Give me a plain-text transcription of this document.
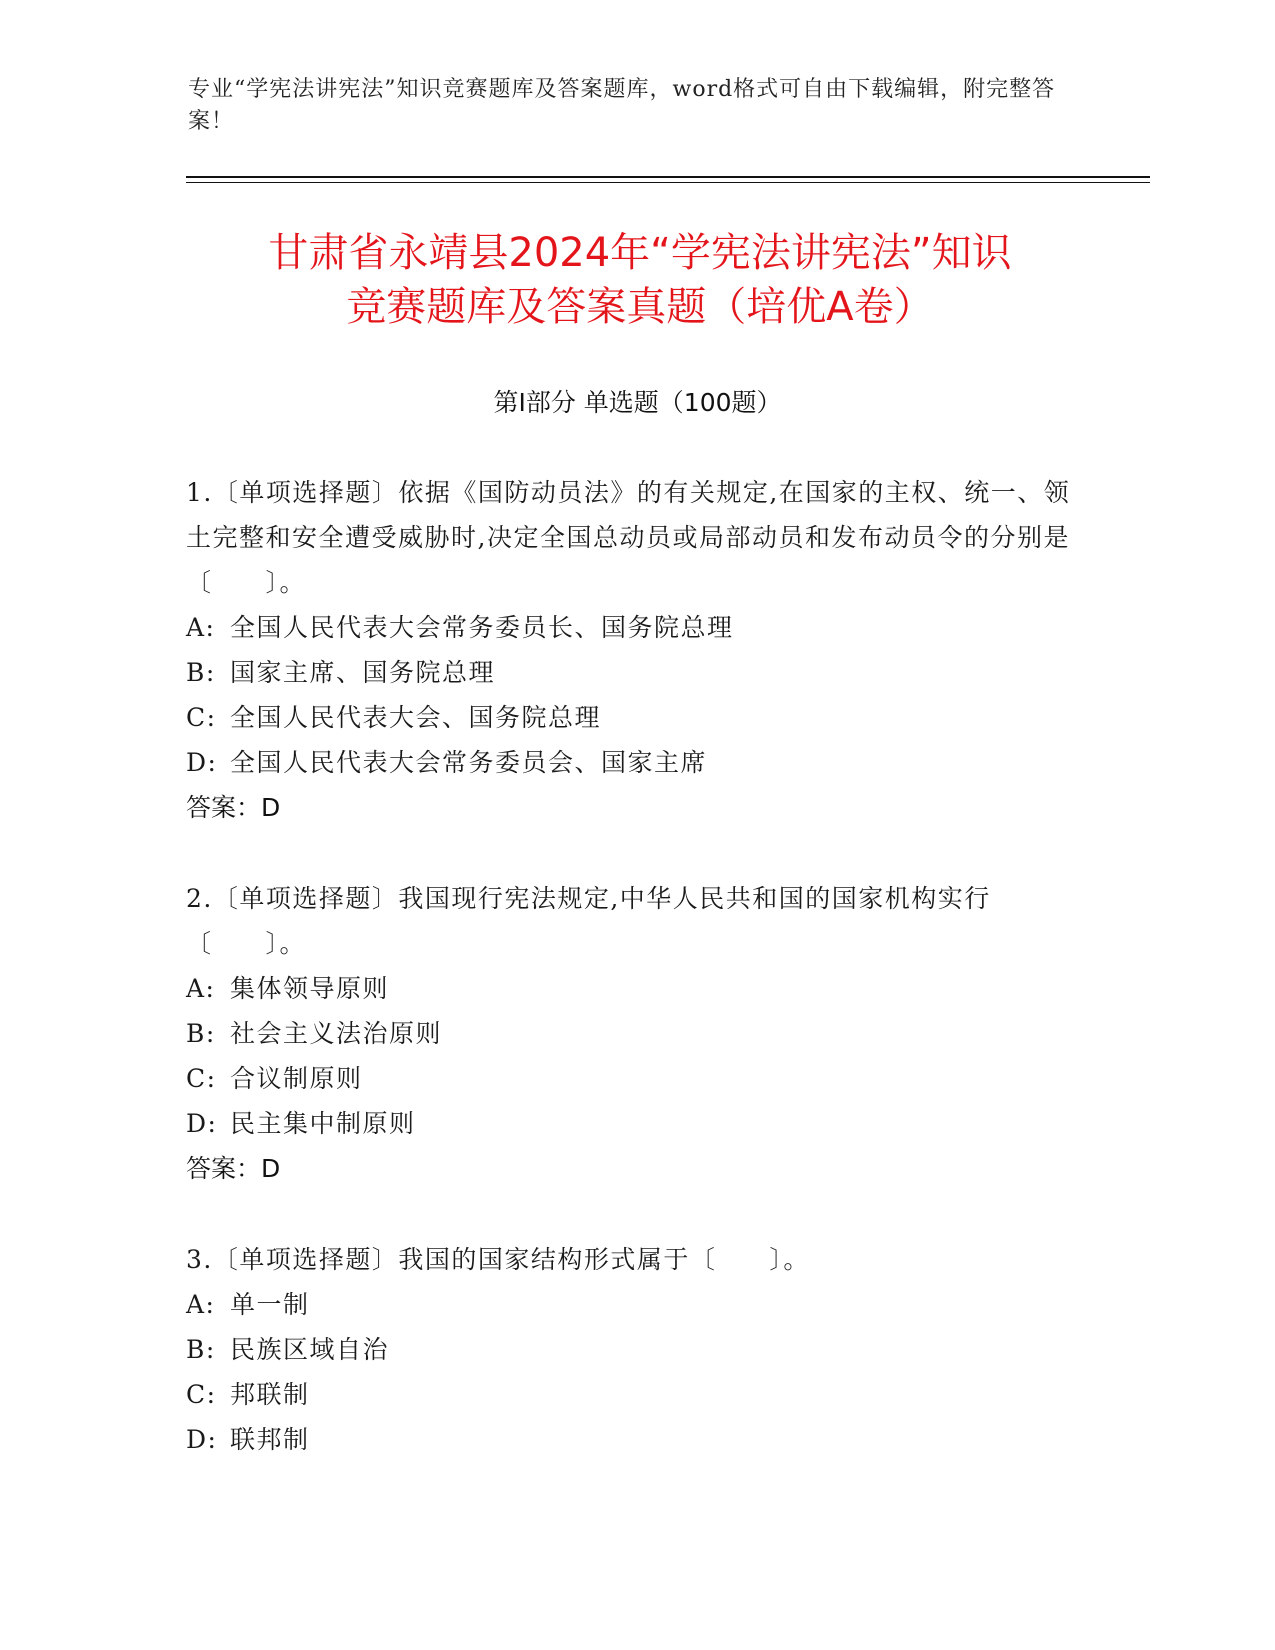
专业“学宪法讲宪法”知识竞赛题库及答案题库，word格式可自由下载编辑，附完整答案！
甘肃省永靖县2024年“学宪法讲宪法”知识
竞赛题库及答案真题（培优A卷）
第Ⅰ部分 单选题（100题）
1.〔单项选择题〕依据《国防动员法》的有关规定,在国家的主权、统一、领土完整和安全遭受威胁时,决定全国总动员或局部动员和发布动员令的分别是〔　　〕。
A: 全国人民代表大会常务委员长、国务院总理
B: 国家主席、国务院总理
C: 全国人民代表大会、国务院总理
D: 全国人民代表大会常务委员会、国家主席
答案：D
2.〔单项选择题〕我国现行宪法规定,中华人民共和国的国家机构实行〔　　〕。
A: 集体领导原则
B: 社会主义法治原则
C: 合议制原则
D: 民主集中制原则
答案：D
3.〔单项选择题〕我国的国家结构形式属于〔　　〕。
A: 单一制
B: 民族区域自治
C: 邦联制
D: 联邦制
